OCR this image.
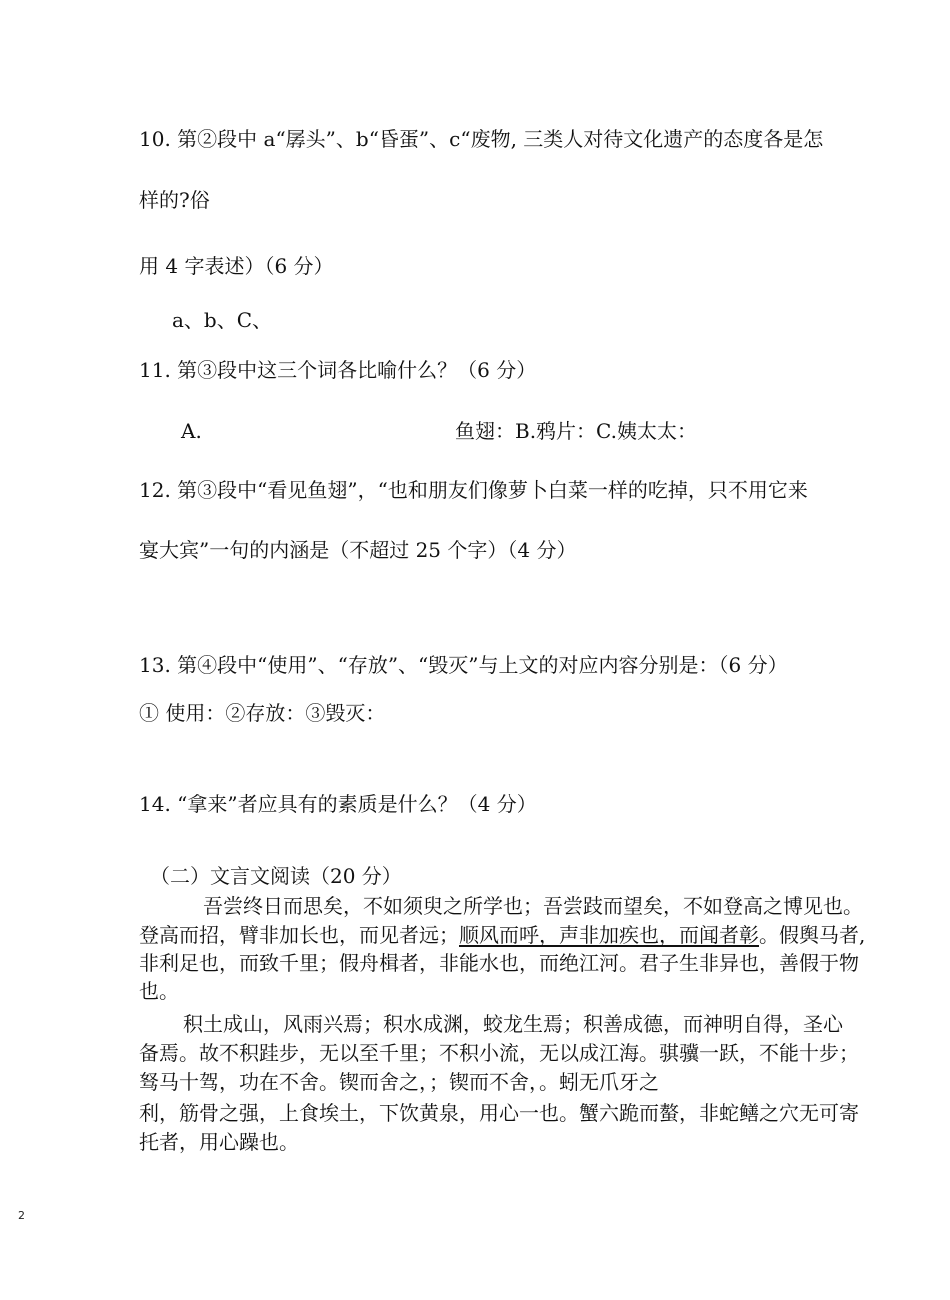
10. 第②段中 a“孱头”、b“昏蛋”、c“废物, 三类人对待文化遗产的态度各是怎
样的?俗
用 4 字表述）（6 分）
a、b、C、
11. 第③段中这三个词各比喻什么？（6 分）
A.	鱼翅：B.鸦片：C.姨太太：
12. 第③段中“看见鱼翅”，“也和朋友们像萝卜白菜一样的吃掉，只不用它来
宴大宾”一句的内涵是（不超过 25 个字）（4 分）
13. 第④段中“使用”、“存放”、“毁灭”与上文的对应内容分别是：（6 分）
① 使用：②存放：③毁灭：
14. “拿来”者应具有的素质是什么？（4 分）
（二）文言文阅读（20 分）
吾尝终日而思矣，不如须臾之所学也；吾尝跂而望矣，不如登高之博见也。
登高而招，臂非加长也，而见者远；顺风而呼，声非加疾也，而闻者彰。假舆马者,
非利足也，而致千里；假舟楫者，非能水也，而绝江河。君子生非异也，善假于物
也。
积土成山，风雨兴焉；积水成渊，蛟龙生焉；积善成德，而神明自得，圣心
备焉。故不积跬步，无以至千里；不积小流，无以成江海。骐骥一跃，不能十步；
驽马十驾，功在不舍。锲而舍之，；锲而不舍，。蚓无爪牙之
利，筋骨之强，上食埃土，下饮黄泉，用心一也。蟹六跪而螯，非蛇鳝之穴无可寄
托者，用心躁也。
2
